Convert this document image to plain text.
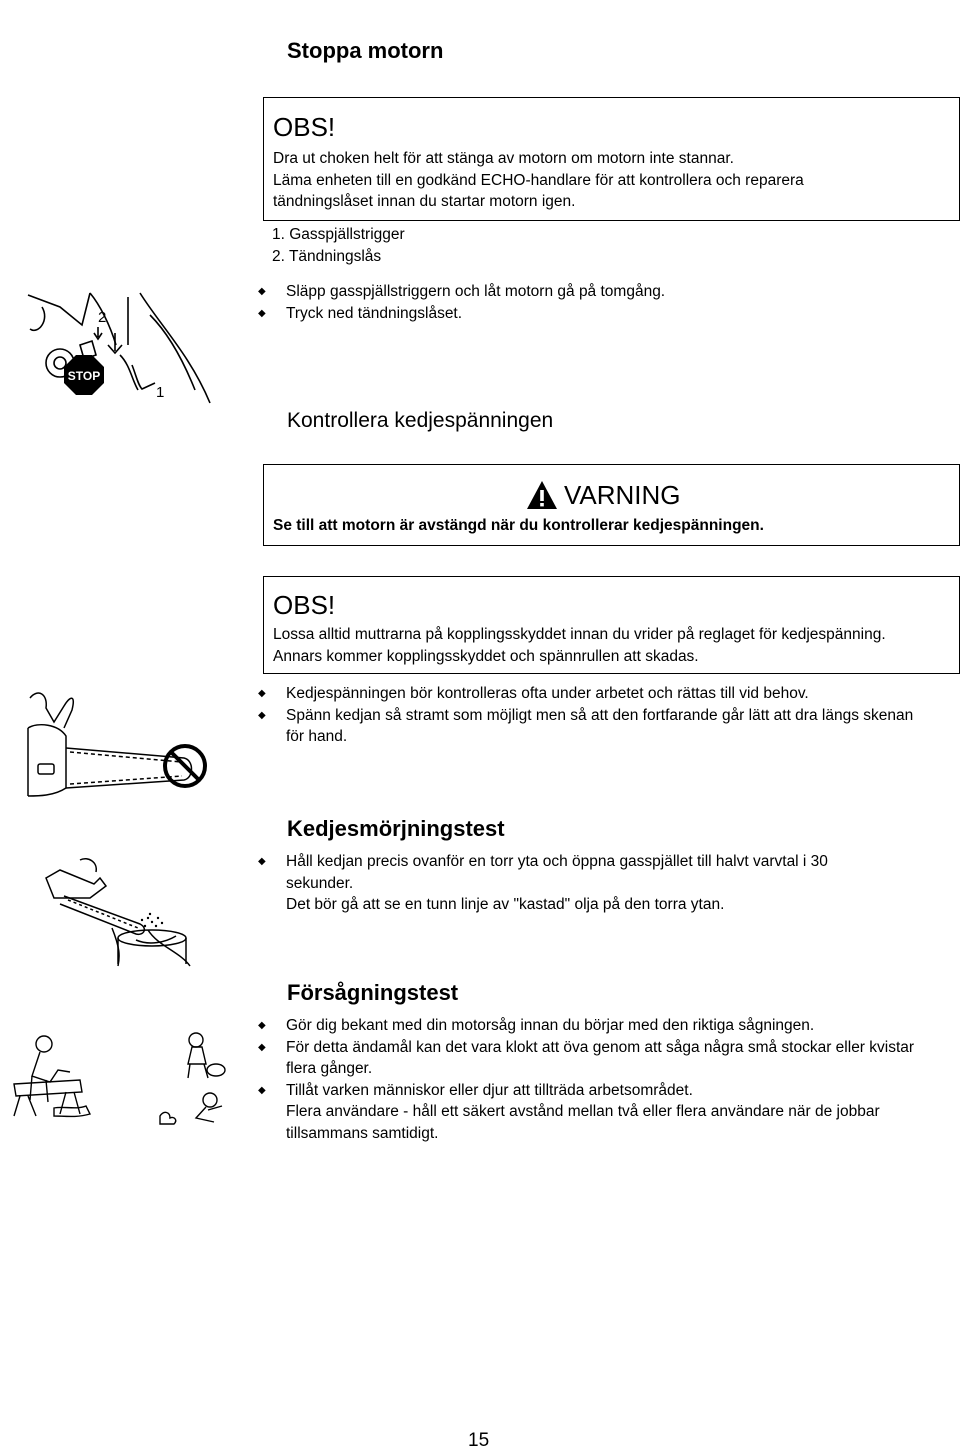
Stoppa motorn
OBS!
Dra ut choken helt för att stänga av motorn om motorn inte stannar.
Läma enheten till en godkänd ECHO-handlare för att kontrollera och reparera
tändningslåset innan du startar motorn igen.
1. Gasspjällstrigger
2. Tändningslås
◆ Släpp gasspjällstriggern och låt motorn gå på tomgång.
◆ Tryck ned tändningslåset.
STOP
2
1
Kontrollera kedjespänningen
VARNING
Se till att motorn är avstängd när du kontrollerar kedjespänningen.
OBS!
Lossa alltid muttrarna på kopplingsskyddet innan du vrider på reglaget för kedjespänning.
Annars kommer kopplingsskyddet och spännrullen att skadas.
◆ Kedjespänningen bör kontrolleras ofta under arbetet och rättas till vid behov.
◆ Spänn kedjan så stramt som möjligt men så att den fortfarande går lätt att dra längs skenan
för hand.
Kedjesmörjningstest
◆ Håll kedjan precis ovanför en torr yta och öppna gasspjället till halvt varvtal i 30
sekunder.
Det bör gå att se en tunn linje av "kastad" olja på den torra ytan.
Försågningstest
◆ Gör dig bekant med din motorsåg innan du börjar med den riktiga sågningen.
◆ För detta ändamål kan det vara klokt att öva genom att såga några små stockar eller kvistar
flera gånger.
◆ Tillåt varken människor eller djur att tillträda arbetsområdet.
Flera användare - håll ett säkert avstånd mellan två eller flera användare när de jobbar
tillsammans samtidigt.
15
